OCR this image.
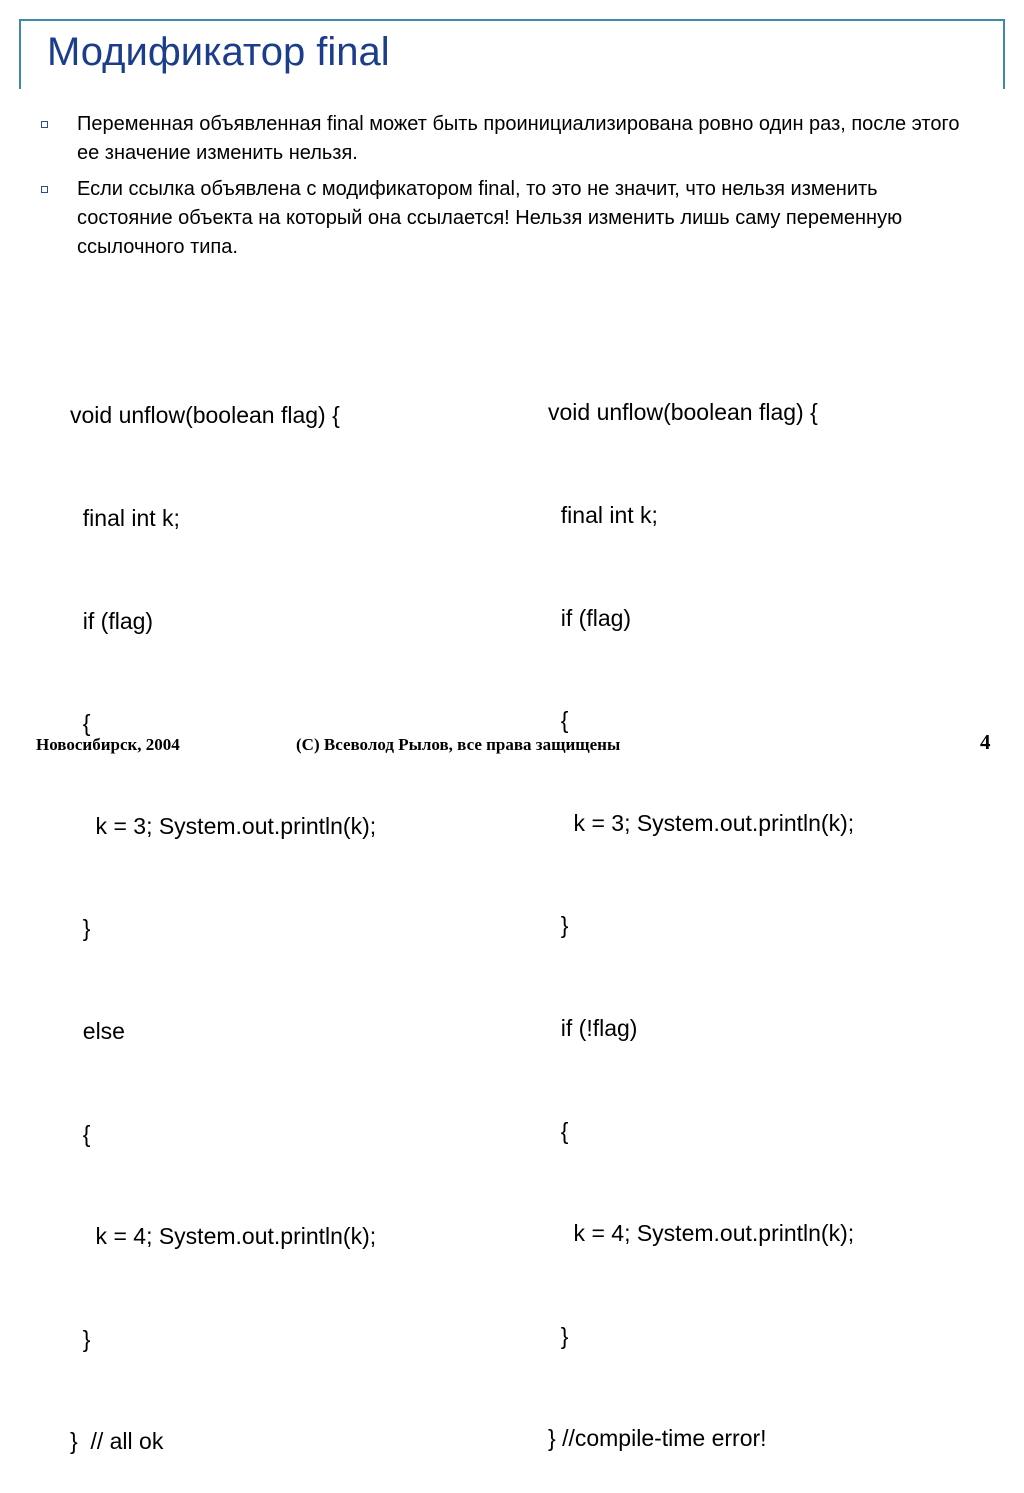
Модификатор final
Переменная объявленная final может быть проинициализирована ровно один раз, после этого ее значение изменить нельзя.
Если ссылка объявлена с модификатором final, то это не значит, что нельзя изменить состояние объекта на который она ссылается! Нельзя изменить лишь саму переменную ссылочного типа.

void unflow(boolean flag) {

final int k;

if (flag)

{

k = 3; System.out.println(k);

}

else

{

k = 4; System.out.println(k);

}

}  // all ok

void unflow(boolean flag) {

final int k;

if (flag)

{

k = 3; System.out.println(k);

}

if (!flag)

{

k = 4; System.out.println(k);

}

} //compile-time error!

Новосибирск, 2004	(C) Всеволод Рылов, все права защищены	4
